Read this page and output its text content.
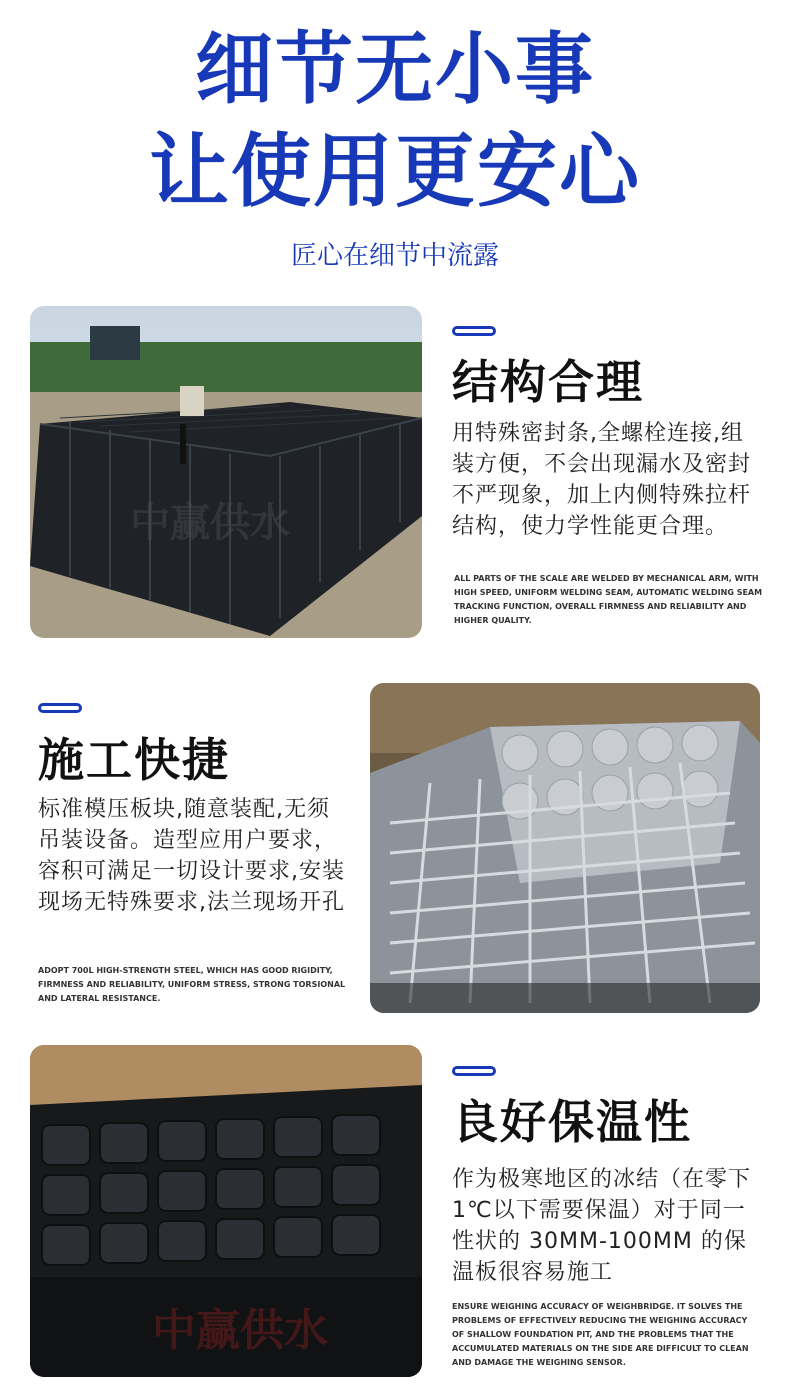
细节无小事
让使用更安心
匠心在细节中流露
中赢供水
结构合理
用特殊密封条,全螺栓连接,组装方便，不会出现漏水及密封不严现象，加上内侧特殊拉杆结构，使力学性能更合理。
ALL PARTS OF THE SCALE ARE WELDED BY MECHANICAL ARM, WITH HIGH SPEED, UNIFORM WELDING SEAM, AUTOMATIC WELDING SEAM TRACKING FUNCTION, OVERALL FIRMNESS AND RELIABILITY AND HIGHER QUALITY.
施工快捷
标准模压板块,随意装配,无须吊装设备。造型应用户要求，容积可满足一切设计要求,安装现场无特殊要求,法兰现场开孔
ADOPT 700L HIGH-STRENGTH STEEL, WHICH HAS GOOD RIGIDITY, FIRMNESS AND RELIABILITY, UNIFORM STRESS, STRONG TORSIONAL AND LATERAL RESISTANCE.
中赢供水
良好保温性
作为极寒地区的冰结（在零下 1℃以下需要保温）对于同一性状的 30MM-100MM 的保温板很容易施工
ENSURE WEIGHING ACCURACY OF WEIGHBRIDGE. IT SOLVES THE PROBLEMS OF EFFECTIVELY REDUCING THE WEIGHING ACCURACY OF SHALLOW FOUNDATION PIT, AND THE PROBLEMS THAT THE ACCUMULATED MATERIALS ON THE SIDE ARE DIFFICULT TO CLEAN AND DAMAGE THE WEIGHING SENSOR.
